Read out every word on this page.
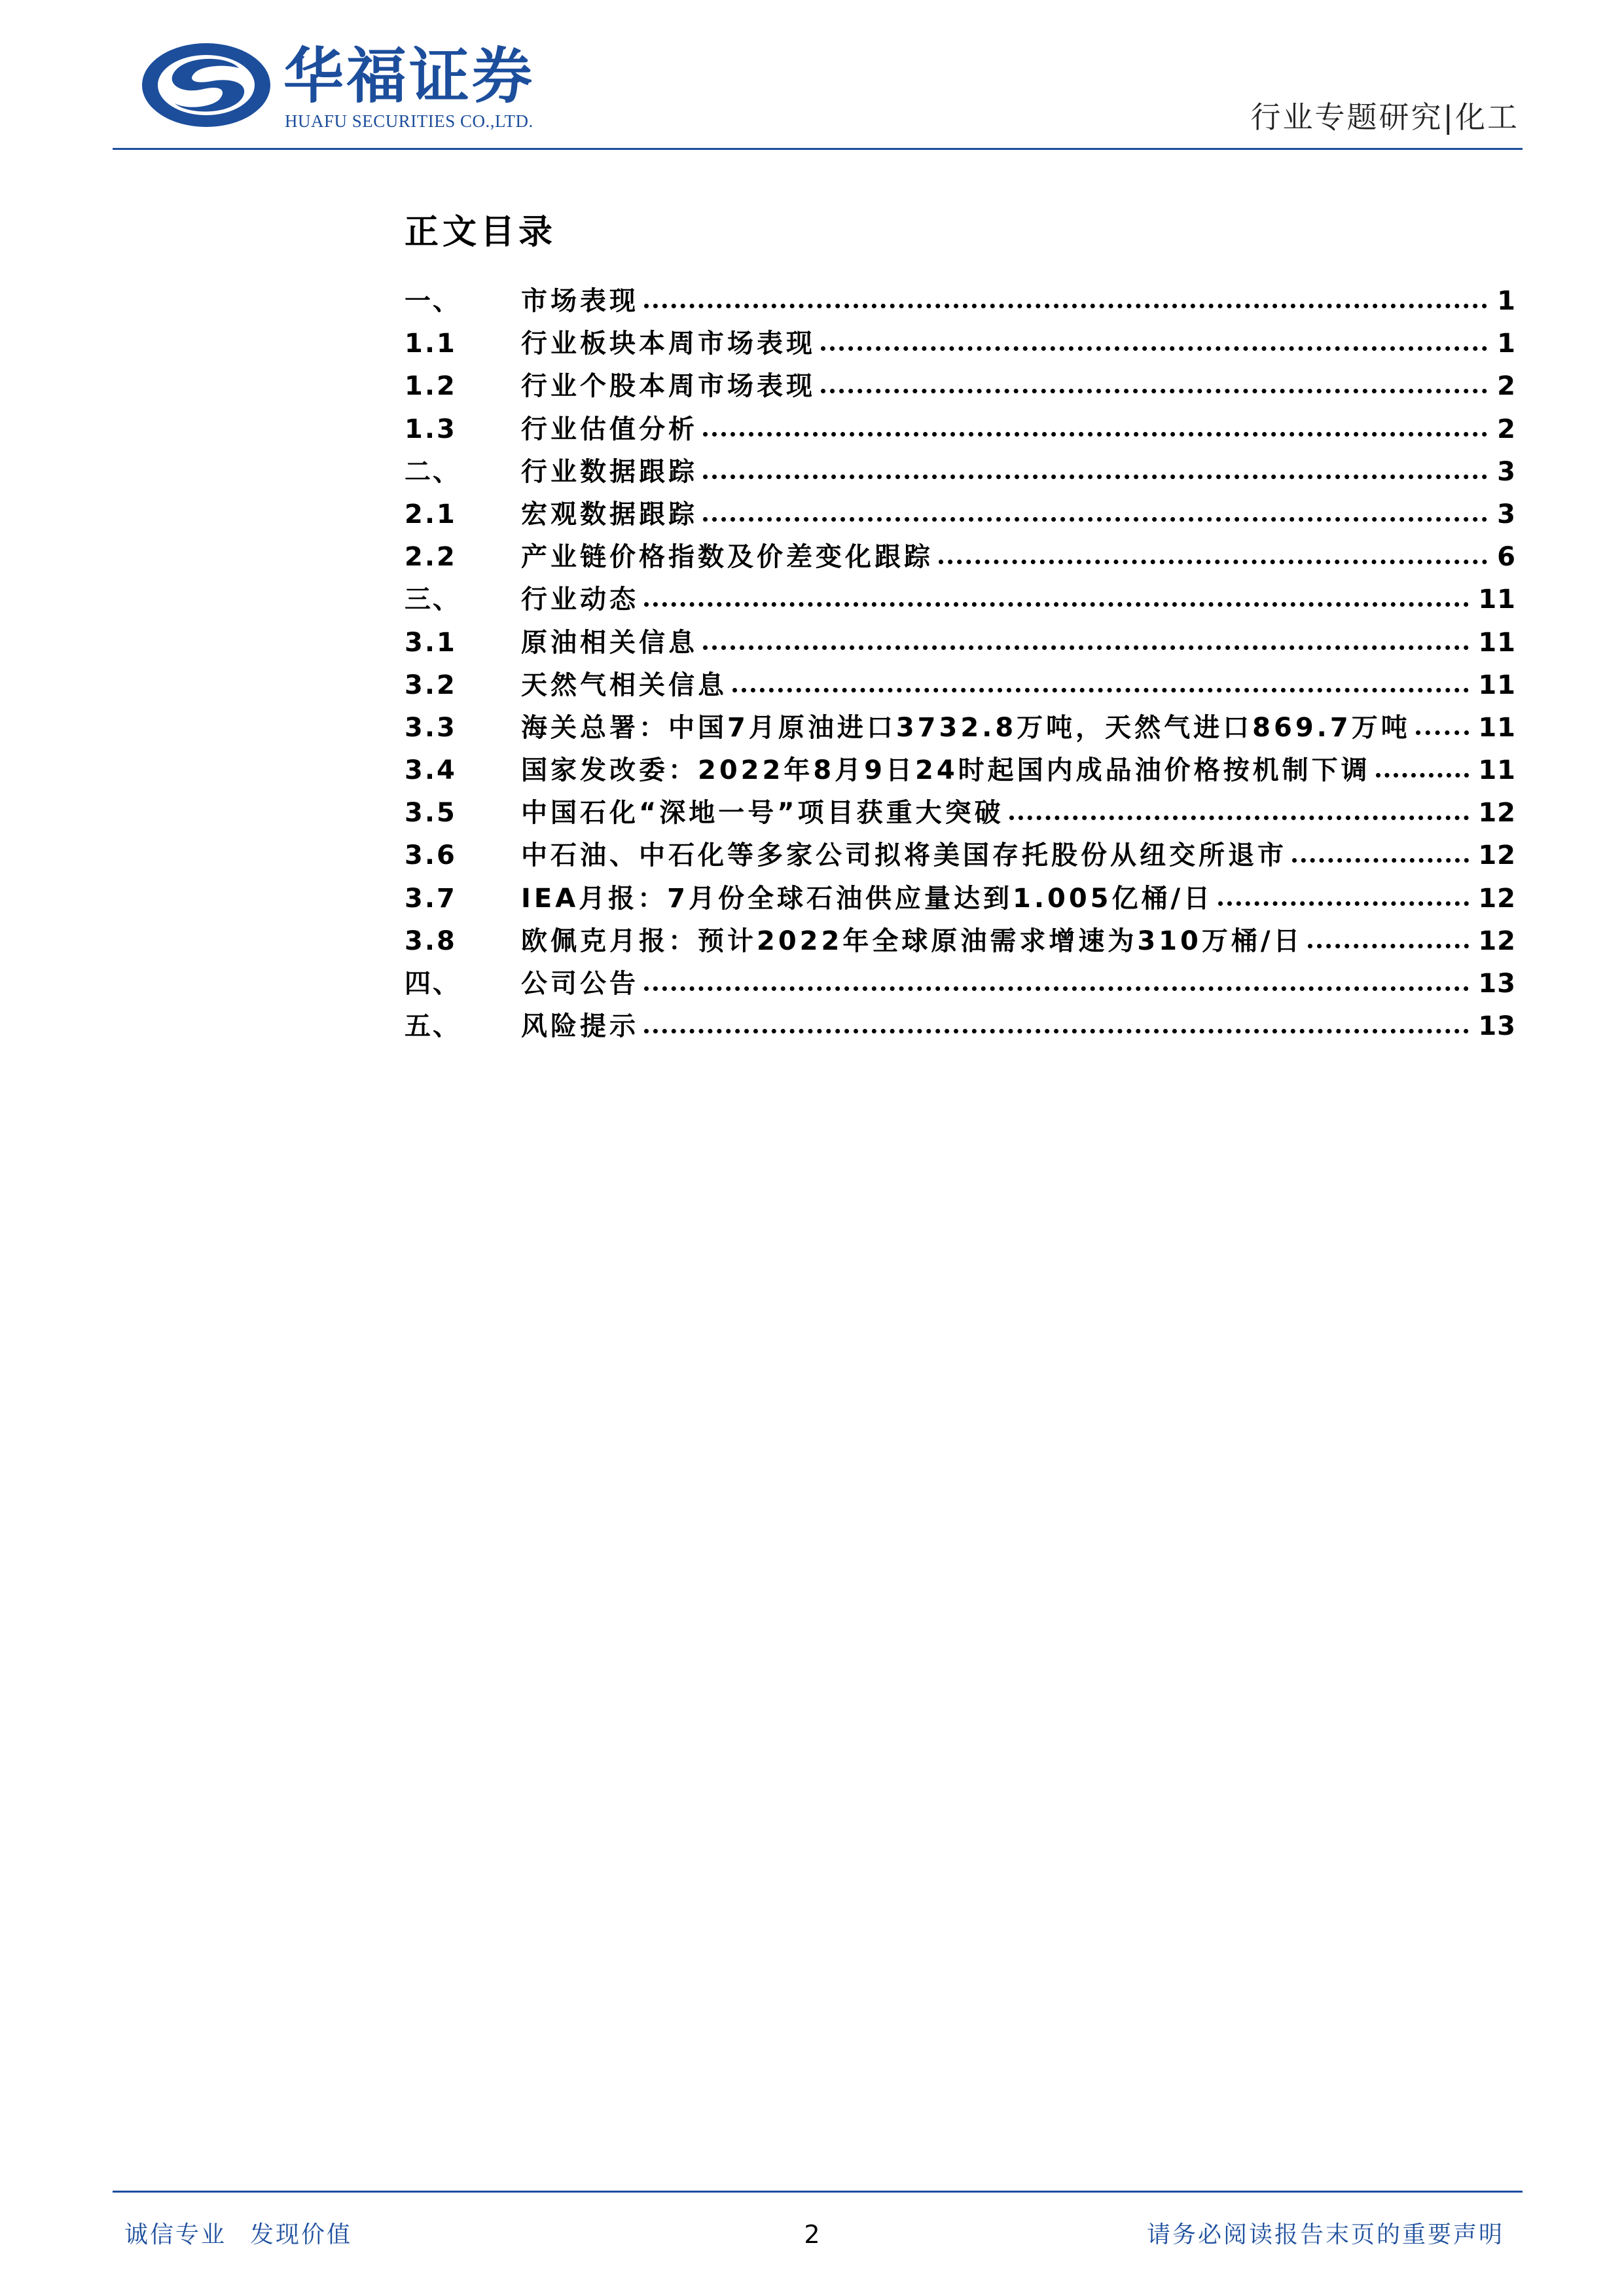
华福证券
HUAFU SECURITIES CO.,LTD.	行业专题研究|化工
正文目录
一、	市场表现	1
1.1	行业板块本周市场表现	1
1.2	行业个股本周市场表现	2
1.3	行业估值分析	2
二、	行业数据跟踪	3
2.1	宏观数据跟踪	3
2.2	产业链价格指数及价差变化跟踪	6
三、	行业动态	11
3.1	原油相关信息	11
3.2	天然气相关信息	11
3.3	海关总署：中国7月原油进口3732.8万吨，天然气进口869.7万吨	11
3.4	国家发改委：2022年8月9日24时起国内成品油价格按机制下调	11
3.5	中国石化“深地一号”项目获重大突破	12
3.6	中石油、中石化等多家公司拟将美国存托股份从纽交所退市	12
3.7	IEA月报：7月份全球石油供应量达到1.005亿桶/日	12
3.8	欧佩克月报：预计2022年全球原油需求增速为310万桶/日	12
四、	公司公告	13
五、	风险提示	13
诚信专业 发现价值	2	请务必阅读报告末页的重要声明
